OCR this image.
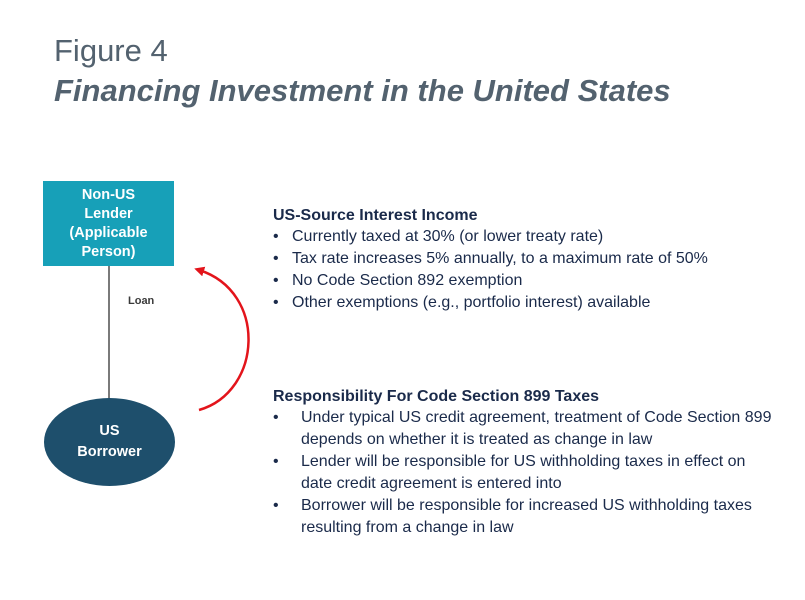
Figure 4
Financing Investment in the United States
Non-US
Lender
(Applicable
Person)
Loan
US
Borrower
US-Source Interest Income
• Currently taxed at 30% (or lower treaty rate)
• Tax rate increases 5% annually, to a maximum rate of 50%
• No Code Section 892 exemption
• Other exemptions (e.g., portfolio interest) available
Responsibility For Code Section 899 Taxes
• Under typical US credit agreement, treatment of Code Section 899 depends on whether it is treated as change in law
• Lender will be responsible for US withholding taxes in effect on date credit agreement is entered into
• Borrower will be responsible for increased US withholding taxes resulting from a change in law
